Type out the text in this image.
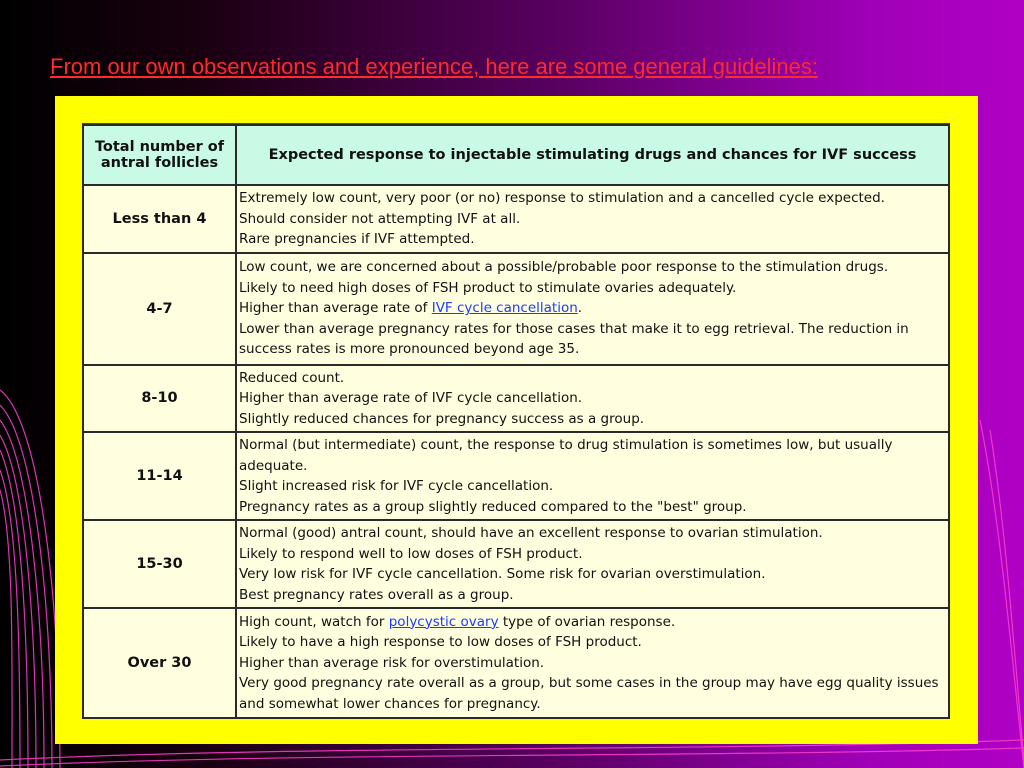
From our own observations and experience, here are some general guidelines:
Total number of antral follicles	Expected response to injectable stimulating drugs and chances for IVF success
Less than 4	Extremely low count, very poor (or no) response to stimulation and a cancelled cycle expected.
Should consider not attempting IVF at all.
Rare pregnancies if IVF attempted.

4-7	Low count, we are concerned about a possible/probable poor response to the stimulation drugs.
Likely to need high doses of FSH product to stimulate ovaries adequately.
Higher than average rate of IVF cycle cancellation.
Lower than average pregnancy rates for those cases that make it to egg retrieval. The reduction in success rates is more pronounced beyond age 35.

8-10	Reduced count.
Higher than average rate of IVF cycle cancellation.
Slightly reduced chances for pregnancy success as a group.

11-14	Normal (but intermediate) count, the response to drug stimulation is sometimes low, but usually adequate.
Slight increased risk for IVF cycle cancellation.
Pregnancy rates as a group slightly reduced compared to the "best" group.

15-30	Normal (good) antral count, should have an excellent response to ovarian stimulation.
Likely to respond well to low doses of FSH product.
Very low risk for IVF cycle cancellation. Some risk for ovarian overstimulation.
Best pregnancy rates overall as a group.

Over 30	High count, watch for polycystic ovary type of ovarian response.
Likely to have a high response to low doses of FSH product.
Higher than average risk for overstimulation.
Very good pregnancy rate overall as a group, but some cases in the group may have egg quality issues and somewhat lower chances for pregnancy.
